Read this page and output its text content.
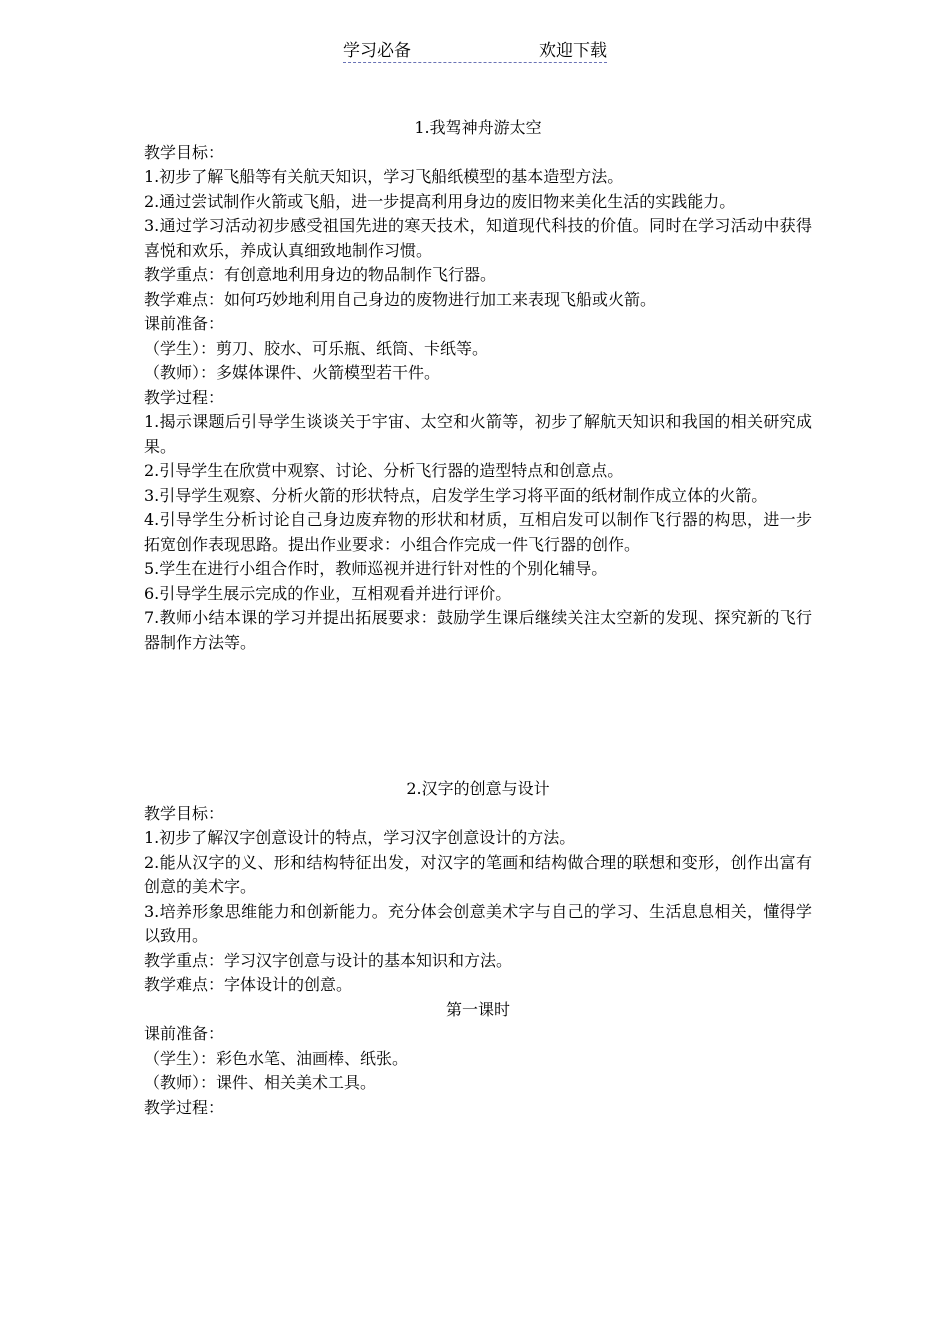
学习必备	欢迎下载

1.我驾神舟游太空

教学目标：

1.初步了解飞船等有关航天知识，学习飞船纸模型的基本造型方法。

2.通过尝试制作火箭或飞船，进一步提高利用身边的废旧物来美化生活的实践能力。

3.通过学习活动初步感受祖国先进的寒天技术，知道现代科技的价值。同时在学习活动中获得喜悦和欢乐，养成认真细致地制作习惯。

教学重点：有创意地利用身边的物品制作飞行器。

教学难点：如何巧妙地利用自己身边的废物进行加工来表现飞船或火箭。

课前准备：

（学生）：剪刀、胶水、可乐瓶、纸筒、卡纸等。

（教师）：多媒体课件、火箭模型若干件。

教学过程：

1.揭示课题后引导学生谈谈关于宇宙、太空和火箭等，初步了解航天知识和我国的相关研究成果。

2.引导学生在欣赏中观察、讨论、分析飞行器的造型特点和创意点。

3.引导学生观察、分析火箭的形状特点，启发学生学习将平面的纸材制作成立体的火箭。

4.引导学生分析讨论自己身边废弃物的形状和材质，互相启发可以制作飞行器的构思，进一步拓宽创作表现思路。提出作业要求：小组合作完成一件飞行器的创作。

5.学生在进行小组合作时，教师巡视并进行针对性的个别化辅导。

6.引导学生展示完成的作业，互相观看并进行评价。

7.教师小结本课的学习并提出拓展要求：鼓励学生课后继续关注太空新的发现、探究新的飞行器制作方法等。

2.汉字的创意与设计

教学目标：

1.初步了解汉字创意设计的特点，学习汉字创意设计的方法。

2.能从汉字的义、形和结构特征出发，对汉字的笔画和结构做合理的联想和变形，创作出富有创意的美术字。

3.培养形象思维能力和创新能力。充分体会创意美术字与自己的学习、生活息息相关，懂得学以致用。

教学重点：学习汉字创意与设计的基本知识和方法。

教学难点：字体设计的创意。

第一课时

课前准备：

（学生）：彩色水笔、油画棒、纸张。

（教师）：课件、相关美术工具。

教学过程：
